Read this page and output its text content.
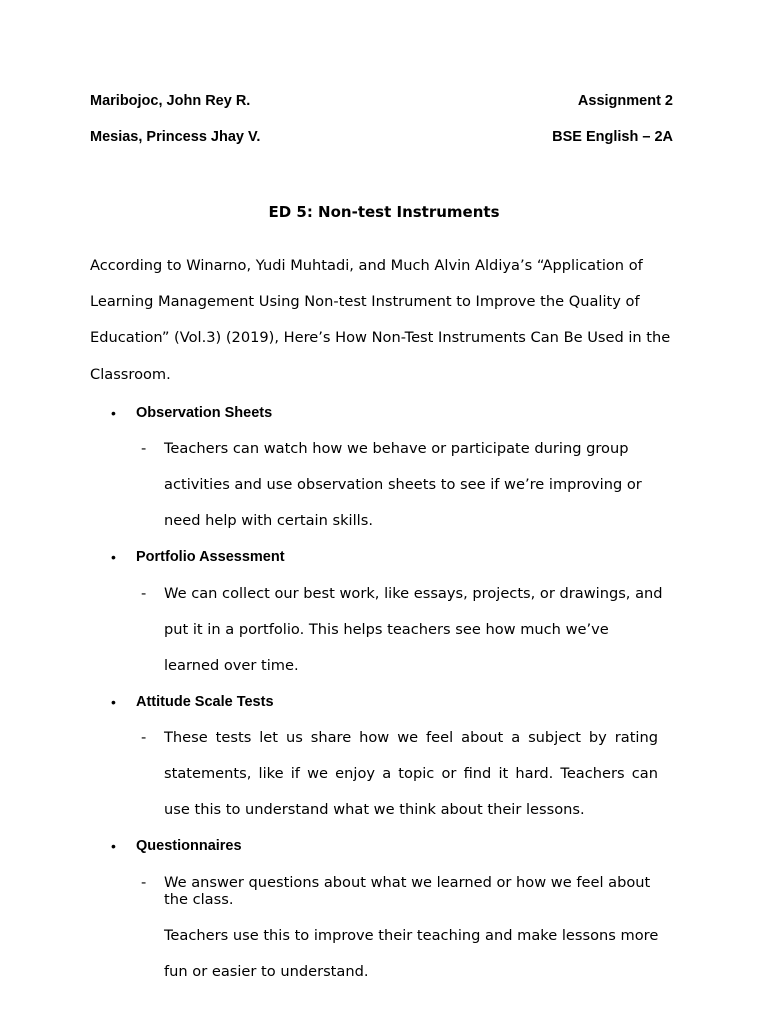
Maribojoc, John Rey R.	Assignment 2
Mesias, Princess Jhay V.	BSE English – 2A
ED 5: Non-test Instruments
According to Winarno, Yudi Muhtadi, and Much Alvin Aldiya’s “Application of Learning Management Using Non-test Instrument to Improve the Quality of Education” (Vol.3) (2019), Here’s How Non-Test Instruments Can Be Used in the Classroom.
• Observation Sheets
- Teachers can watch how we behave or participate during group activities and use observation sheets to see if we’re improving or need help with certain skills.
• Portfolio Assessment
- We can collect our best work, like essays, projects, or drawings, and put it in a portfolio. This helps teachers see how much we’ve learned over time.
• Attitude Scale Tests
- These tests let us share how we feel about a subject by rating statements, like if we enjoy a topic or find it hard. Teachers can use this to understand what we think about their lessons.
• Questionnaires
- We answer questions about what we learned or how we feel about the class.
Teachers use this to improve their teaching and make lessons more fun or easier to understand.
